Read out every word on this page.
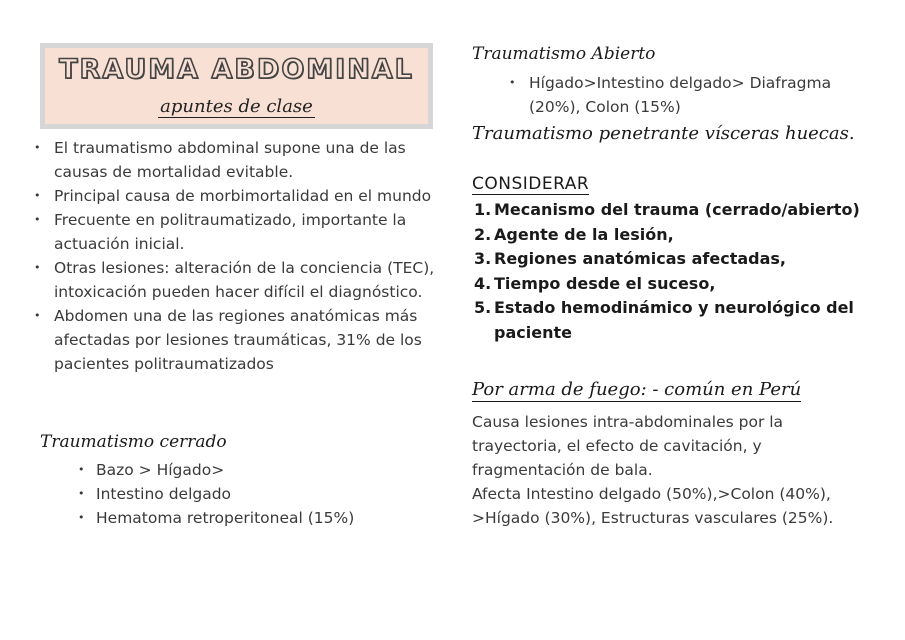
TRAUMA ABDOMINAL
apuntes de clase
• El traumatismo abdominal supone una de las causas de mortalidad evitable.
• Principal causa de morbimortalidad en el mundo
• Frecuente en politraumatizado, importante la actuación inicial.
• Otras lesiones: alteración de la conciencia (TEC), intoxicación pueden hacer difícil el diagnóstico.
• Abdomen una de las regiones anatómicas más afectadas por lesiones traumáticas, 31% de los pacientes politraumatizados
Traumatismo cerrado
• Bazo > Hígado>
• Intestino delgado
• Hematoma retroperitoneal (15%)
Traumatismo Abierto
• Hígado>Intestino delgado> Diafragma (20%), Colon (15%)
Traumatismo penetrante vísceras huecas.
CONSIDERAR
1. Mecanismo del trauma (cerrado/abierto)
2. Agente de la lesión,
3. Regiones anatómicas afectadas,
4. Tiempo desde el suceso,
5. Estado hemodinámico y neurológico del paciente
Por arma de fuego: - común en Perú

Causa lesiones intra-abdominales por la trayectoria, el efecto de cavitación, y fragmentación de bala.

Afecta Intestino delgado (50%),>Colon (40%), >Hígado (30%), Estructuras vasculares (25%).
